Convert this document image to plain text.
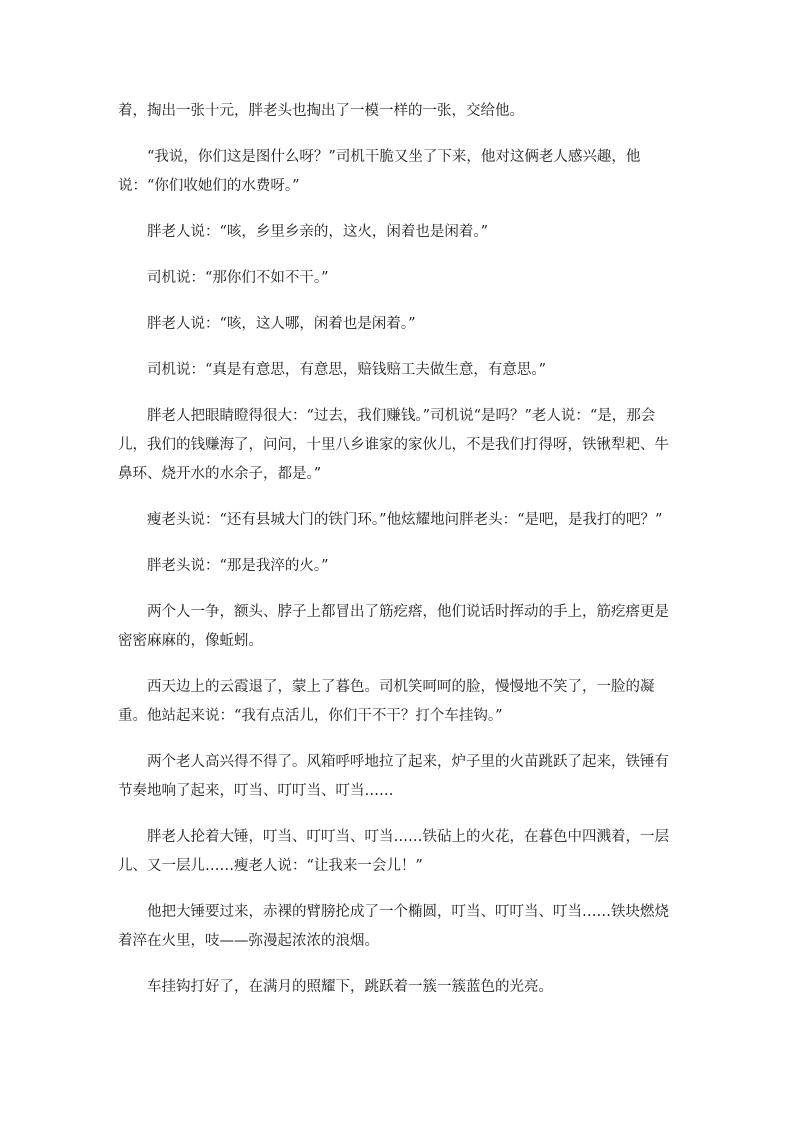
着，掏出一张十元，胖老头也掏出了一模一样的一张，交给他。

“我说，你们这是图什么呀？”司机干脆又坐了下来，他对这俩老人感兴趣，他说：“你们收她们的水费呀。”

胖老人说：“咳，乡里乡亲的，这火，闲着也是闲着。”

司机说：“那你们不如不干。”

胖老人说：“咳，这人哪，闲着也是闲着。”

司机说：“真是有意思，有意思，赔钱赔工夫做生意，有意思。”

胖老人把眼睛瞪得很大：“过去，我们赚钱。”司机说“是吗？”老人说：“是，那会儿，我们的钱赚海了，问问，十里八乡谁家的家伙儿，不是我们打得呀，铁锹犁耙、牛鼻环、烧开水的水余子，都是。”

瘦老头说：“还有县城大门的铁门环。”他炫耀地问胖老头：“是吧，是我打的吧？”

胖老头说：“那是我淬的火。”

两个人一争，额头、脖子上都冒出了筋疙瘩，他们说话时挥动的手上，筋疙瘩更是密密麻麻的，像蚯蚓。

西天边上的云霞退了，蒙上了暮色。司机笑呵呵的脸，慢慢地不笑了，一脸的凝重。他站起来说：“我有点活儿，你们干不干？打个车挂钩。”

两个老人高兴得不得了。风箱呼呼地拉了起来，炉子里的火苗跳跃了起来，铁锤有节奏地响了起来，叮当、叮叮当、叮当……

胖老人抡着大锤，叮当、叮叮当、叮当……铁砧上的火花，在暮色中四溅着，一层儿、又一层儿……瘦老人说：“让我来一会儿！”

他把大锤要过来，赤裸的臂膀抡成了一个椭圆，叮当、叮叮当、叮当……铁块燃烧着淬在火里，吱——弥漫起浓浓的浪烟。

车挂钩打好了，在满月的照耀下，跳跃着一簇一簇蓝色的光亮。
